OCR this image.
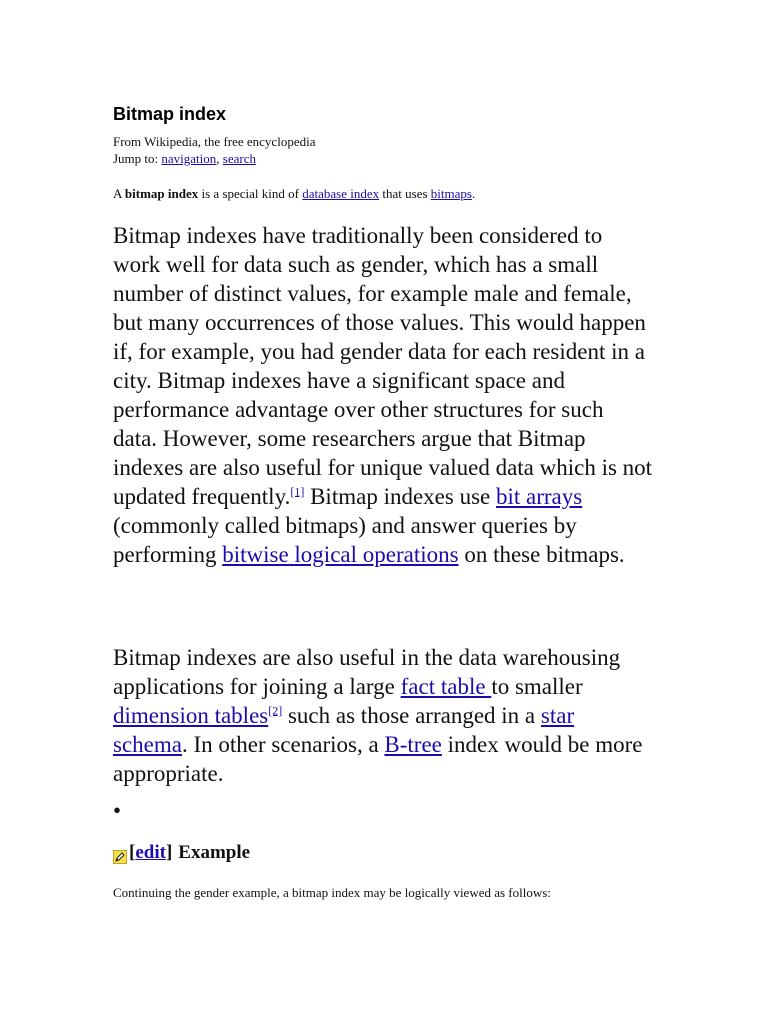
Bitmap index
From Wikipedia, the free encyclopedia
Jump to: navigation, search
A bitmap index is a special kind of database index that uses bitmaps.

Bitmap indexes have traditionally been considered to work well for data such as gender, which has a small number of distinct values, for example male and female, but many occurrences of those values. This would happen if, for example, you had gender data for each resident in a city. Bitmap indexes have a significant space and performance advantage over other structures for such data. However, some researchers argue that Bitmap indexes are also useful for unique valued data which is not updated frequently.[1] Bitmap indexes use bit arrays (commonly called bitmaps) and answer queries by performing bitwise logical operations on these bitmaps.

Bitmap indexes are also useful in the data warehousing applications for joining a large fact table to smaller dimension tables[2] such as those arranged in a star schema. In other scenarios, a B-tree index would be more appropriate.

•
[ edit ] Example
Continuing the gender example, a bitmap index may be logically viewed as follows:
